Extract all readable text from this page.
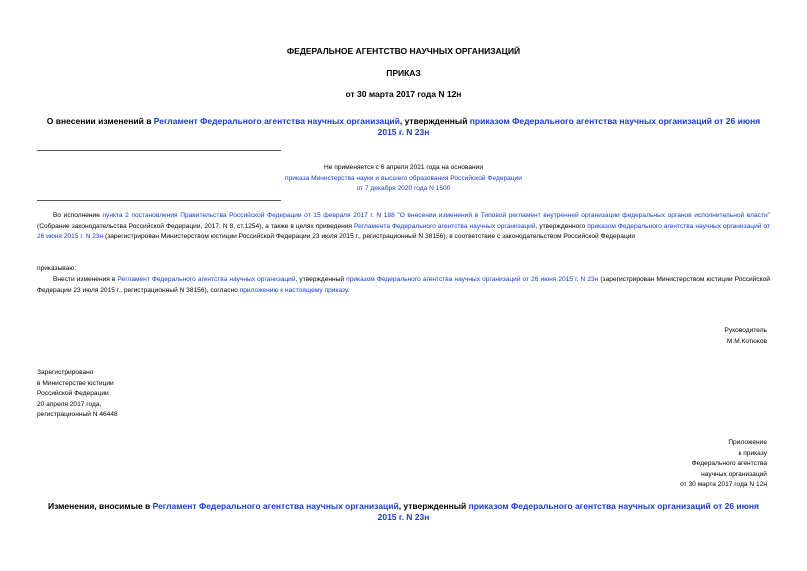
ФЕДЕРАЛЬНОЕ АГЕНТСТВО НАУЧНЫХ ОРГАНИЗАЦИЙ
ПРИКАЗ
от 30 марта 2017 года N 12н
О внесении изменений в Регламент Федерального агентства научных организаций, утвержденный приказом Федерального агентства научных организаций от 26 июня 2015 г. N 23н
Не применяется с 6 апреля 2021 года на основании
приказа Министерства науки и высшего образования Российской Федерации
от 7 декабря 2020 года N 1500
Во исполнение пункта 2 постановления Правительства Российской Федерации от 15 февраля 2017 г. N 188 "О внесении изменений в Типовой регламент внутренней организации федеральных органов исполнительной власти" (Собрание законодательства Российской Федерации, 2017, N 8, ст.1254), а также в целях приведения Регламента Федерального агентства научных организаций, утвержденного приказом Федерального агентства научных организаций от 26 июня 2015 г. N 23н (зарегистрирован Министерством юстиции Российской Федерации 23 июля 2015 г., регистрационный N 38156), в соответствие с законодательством Российской Федерации
приказываю:
Внести изменения в Регламент Федерального агентства научных организаций, утвержденный приказом Федерального агентства научных организаций от 26 июня 2015 г. N 23н (зарегистрирован Министерством юстиции Российской Федерации 23 июля 2015 г., регистрационный N 38156), согласно приложению к настоящему приказу.
Руководитель
М.М.Котюков
Зарегистрировано
в Министерстве юстиции
Российской Федерации
20 апреля 2017 года,
регистрационный N 46448
Приложение
к приказу
Федерального агентства
научных организаций
от 30 марта 2017 года N 12н
Изменения, вносимые в Регламент Федерального агентства научных организаций, утвержденный приказом Федерального агентства научных организаций от 26 июня 2015 г. N 23н
